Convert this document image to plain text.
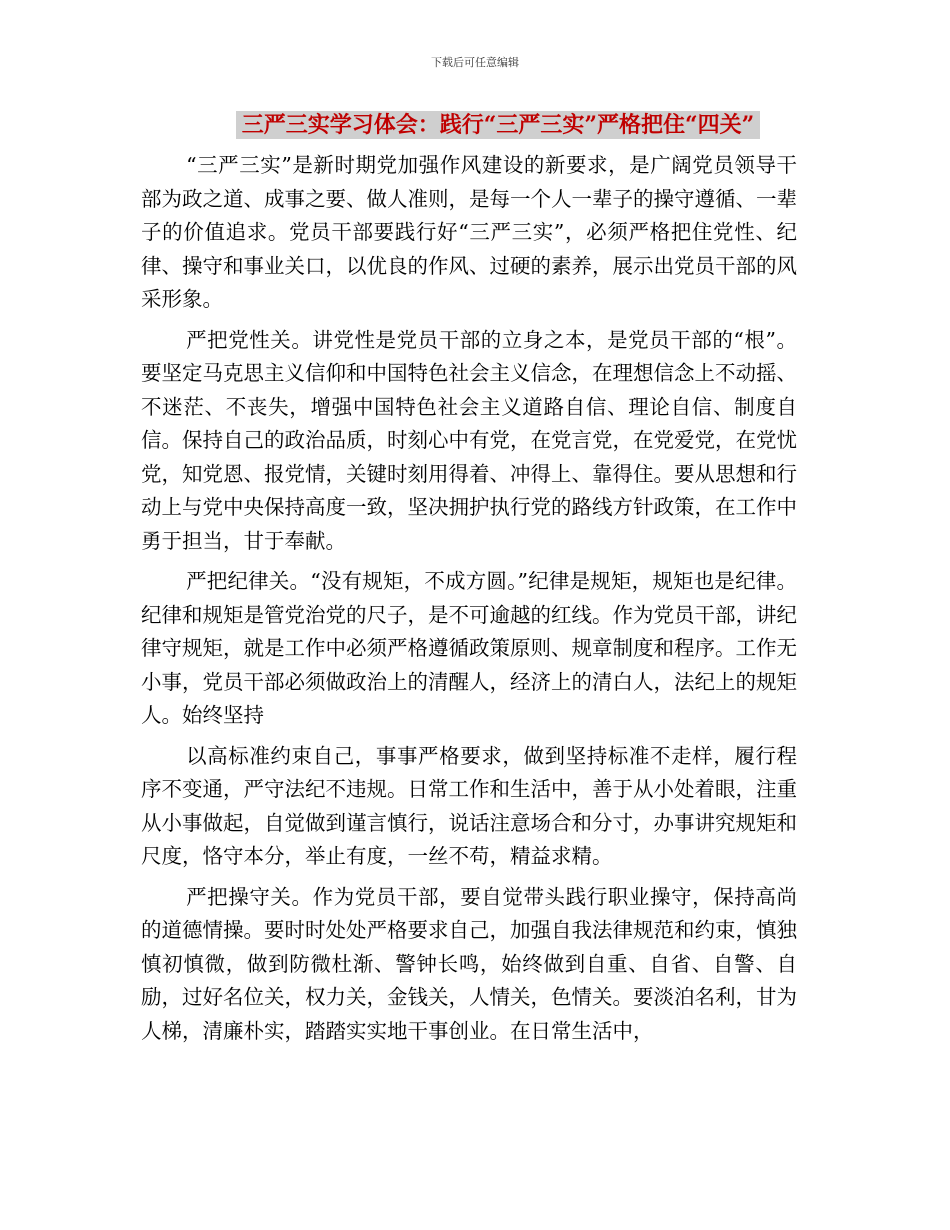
下载后可任意编辑
三严三实学习体会：践行“三严三实”严格把住“四关”

“三严三实”是新时期党加强作风建设的新要求，是广阔党员领导干部为政之道、成事之要、做人准则，是每一个人一辈子的操守遵循、一辈子的价值追求。党员干部要践行好“三严三实”，必须严格把住党性、纪律、操守和事业关口，以优良的作风、过硬的素养，展示出党员干部的风采形象。

严把党性关。讲党性是党员干部的立身之本，是党员干部的“根”。要坚定马克思主义信仰和中国特色社会主义信念，在理想信念上不动摇、不迷茫、不丧失，增强中国特色社会主义道路自信、理论自信、制度自信。保持自己的政治品质，时刻心中有党，在党言党，在党爱党，在党忧党，知党恩、报党情，关键时刻用得着、冲得上、靠得住。要从思想和行动上与党中央保持高度一致，坚决拥护执行党的路线方针政策，在工作中勇于担当，甘于奉献。

严把纪律关。“没有规矩，不成方圆。”纪律是规矩，规矩也是纪律。纪律和规矩是管党治党的尺子，是不可逾越的红线。作为党员干部，讲纪律守规矩，就是工作中必须严格遵循政策原则、规章制度和程序。工作无小事，党员干部必须做政治上的清醒人，经济上的清白人，法纪上的规矩人。始终坚持

以高标准约束自己，事事严格要求，做到坚持标准不走样，履行程序不变通，严守法纪不违规。日常工作和生活中，善于从小处着眼，注重从小事做起，自觉做到谨言慎行，说话注意场合和分寸，办事讲究规矩和尺度，恪守本分，举止有度，一丝不苟，精益求精。

严把操守关。作为党员干部，要自觉带头践行职业操守，保持高尚的道德情操。要时时处处严格要求自己，加强自我法律规范和约束，慎独慎初慎微，做到防微杜渐、警钟长鸣，始终做到自重、自省、自警、自励，过好名位关，权力关，金钱关，人情关，色情关。要淡泊名利，甘为人梯，清廉朴实，踏踏实实地干事创业。在日常生活中，
